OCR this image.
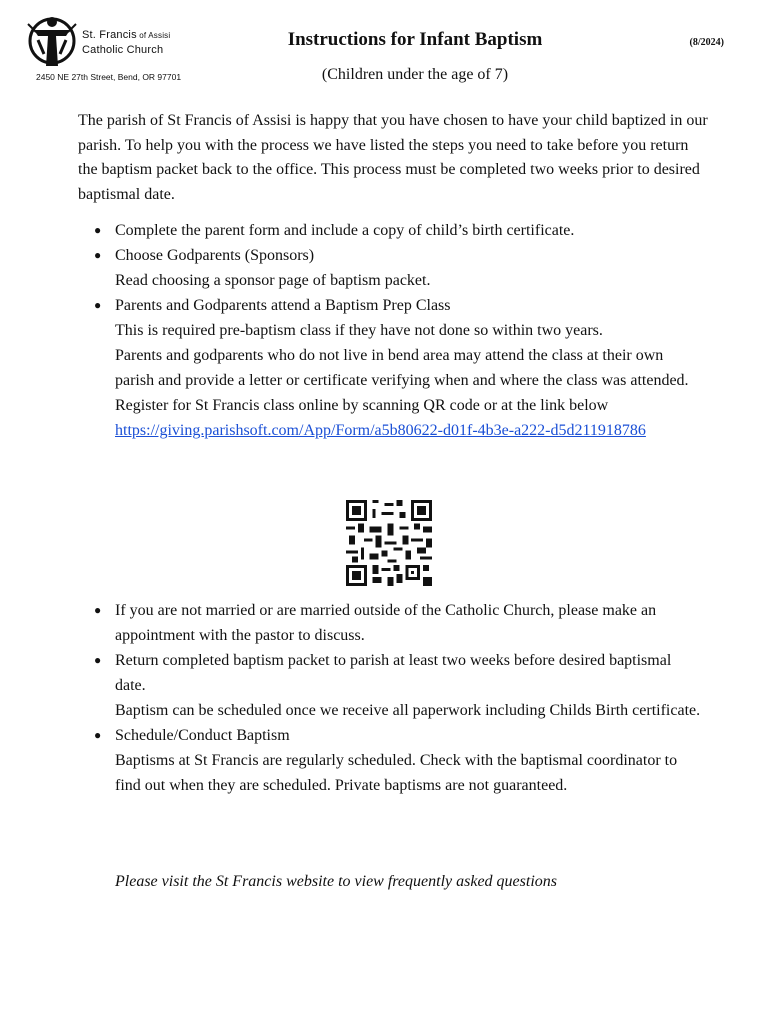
St. Francis of Assisi
Catholic Church
2450 NE 27th Street, Bend, OR 97701
Instructions for Infant Baptism	(8/2024)
(Children under the age of 7)
The parish of St Francis of Assisi is happy that you have chosen to have your child baptized in our parish. To help you with the process we have listed the steps you need to take before you return the baptism packet back to the office. This process must be completed two weeks prior to desired baptismal date.
● Complete the parent form and include a copy of child’s birth certificate.
● Choose Godparents (Sponsors)
Read choosing a sponsor page of baptism packet.
● Parents and Godparents attend a Baptism Prep Class
This is required pre-baptism class if they have not done so within two years.
Parents and godparents who do not live in bend area may attend the class at their own parish and provide a letter or certificate verifying when and where the class was attended.
Register for St Francis class online by scanning QR code or at the link below
https://giving.parishsoft.com/App/Form/a5b80622-d01f-4b3e-a222-d5d211918786
● If you are not married or are married outside of the Catholic Church, please make an appointment with the pastor to discuss.
● Return completed baptism packet to parish at least two weeks before desired baptismal date.
Baptism can be scheduled once we receive all paperwork including Childs Birth certificate.
● Schedule/Conduct Baptism
Baptisms at St Francis are regularly scheduled. Check with the baptismal coordinator to find out when they are scheduled. Private baptisms are not guaranteed.
Please visit the St Francis website to view frequently asked questions
